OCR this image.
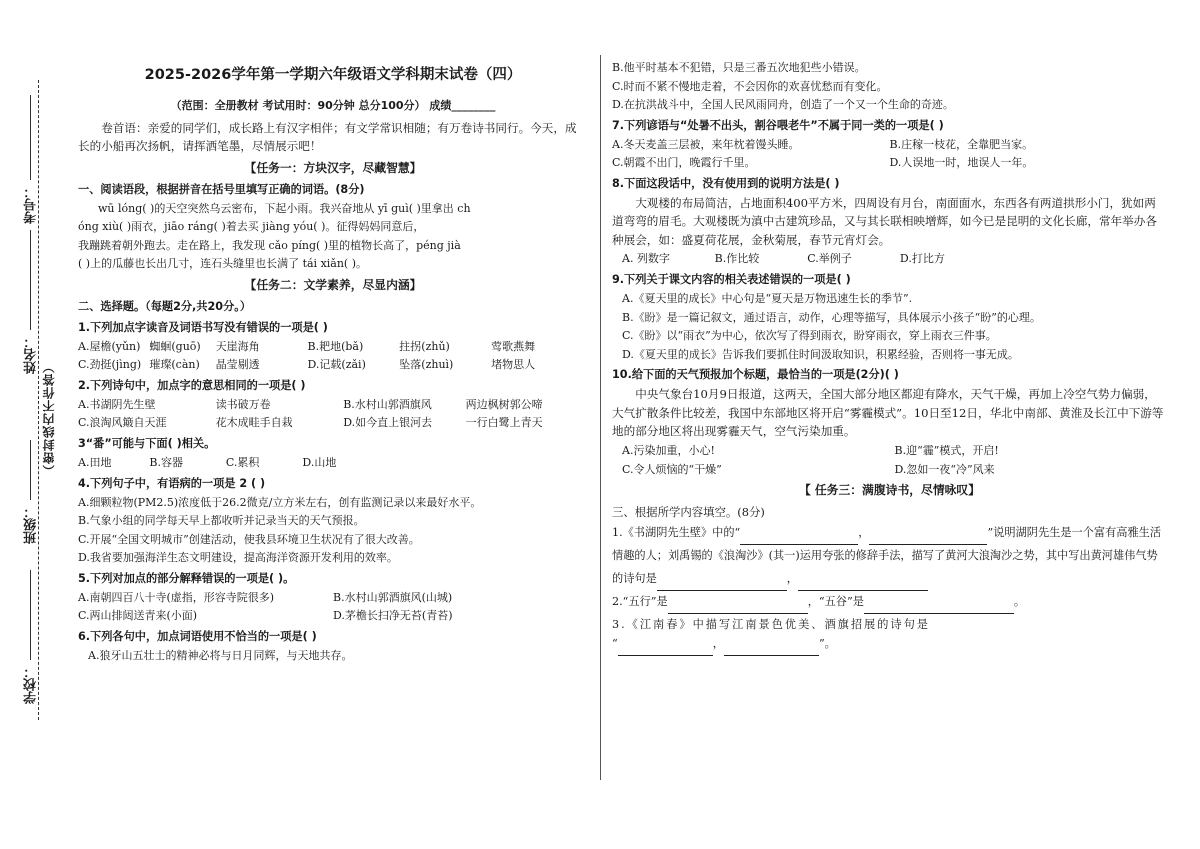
考号：
姓名：
（密封线内不作答）
班级：
学校：
2025-2026学年第一学期六年级语文学科期末试卷（四）
（范围：全册教材 考试用时：90分钟 总分100分） 成绩________

卷首语：亲爱的同学们，成长路上有汉字相伴；有文学常识相随；有万卷诗书同行。今天，成长的小船再次扬帆，请挥洒笔墨，尽情展示吧！

【任务一：方块汉字，尽藏智慧】
一、阅读语段，根据拼音在括号里填写正确的词语。(8分)
wū lóng( )的天空突然乌云密布，下起小雨。我兴奋地从 yī guì( )里拿出 ch
óng xiù( )雨衣，jiāo ráng( )着去买 jiàng yóu( )。征得妈妈同意后，
我蹦跳着朝外跑去。走在路上，我发现 cǎo píng( )里的植物长高了，péng jià
( )上的瓜藤也长出几寸，连石头缝里也长满了 tái xiǎn( )。
【任务二：文学素养，尽显内涵】
二、选择题。（每题2分,共20分。）
1.下列加点字读音及词语书写没有错误的一项是( )
A.屋檐(yǔn) 蜘蛔(guō)	天崖海角	B.耙地(bǎ)	拄拐(zhǔ)	莺歌燕舞
C.劲挺(jìng) 璀璨(càn)	晶莹剔透	D.记载(zǎi)	坠落(zhuì)	堵物思人
2.下列诗句中，加点字的意思相同的一项是( )
A.书湖阴先生壁	读书破万卷	B.水村山郭酒旗风	两边枫树郭公啼
C.浪淘风簸自天涯	花木成畦手自栽	D.如今直上银河去	一行白鹭上青天
3“番”可能与下面( )相关。
A.田地	B.容器	C.累积	D.山地
4.下列句子中，有语病的一项是 2 ( )
A.细颗粒物(PM2.5)浓度低于26.2微克/立方米左右，创有监测记录以来最好水平。
B.气象小组的同学每天早上都收听并记录当天的天气预报。
C.开展“全国文明城市”创建活动，使我县环境卫生状况有了很大改善。
D.我省要加强海洋生态文明建设，提高海洋资源开发利用的效率。
5.下列对加点的部分解释错误的一项是( )。
A.南朝四百八十寺(虚指，形容寺院很多)	B.水村山郭酒旗风(山城)
C.两山排闼送青来(小面)	D.茅檐长扫净无苔(青苔)
6.下列各句中，加点词语使用不恰当的一项是( )
A.狼牙山五壮士的精神必将与日月同辉，与天地共存。
B.他平时基本不犯错，只是三番五次地犯些小错误。
C.时而不紧不慢地走着，不会因你的欢喜忧愁而有变化。
D.在抗洪战斗中，全国人民风雨同舟，创造了一个又一个生命的奇迹。
7.下列谚语与“处暑不出头，割谷喂老牛”不属于同一类的一项是( )
A.冬天麦盖三层被，来年枕着馒头睡。	B.庄稼一枝花，全靠肥当家。
C.朝霞不出门，晚霞行千里。	D.人误地一时，地误人一年。
8.下面这段话中，没有使用到的说明方法是( )

大观楼的布局简洁，占地面积400平方米，四周设有月台，南面面水，东西各有两道拱形小门，犹如两道弯弯的眉毛。大观楼既为滇中古建筑珍品，又与其长联相映增辉，如今已是昆明的文化长廊，常年举办各种展会，如：盛夏荷花展，金秋菊展，春节元宵灯会。

A. 列数字	B.作比较	C.举例子	D.打比方
9.下列关于课文内容的相关表述错误的一项是( )
A.《夏天里的成长》中心句是“夏天是万物迅速生长的季节”.
B.《盼》是一篇记叙文，通过语言，动作，心理等描写，具体展示小孩子“盼”的心理。
C.《盼》以“雨衣”为中心，依次写了得到雨衣，盼穿雨衣，穿上雨衣三件事。
D.《夏天里的成长》告诉我们要抓住时间汲取知识，积累经验，否则将一事无成。
10.给下面的天气预报加个标题，最恰当的一项是(2分)( )

中央气象台10月9日报道，这两天，全国大部分地区都迎有降水，天气干燥，再加上冷空气势力偏弱，大气扩散条件比较差，我国中东部地区将开启“雾霾模式”。10日至12日，华北中南部、黄淮及长江中下游等地的部分地区将出现雾霾天气，空气污染加重。

A.污染加重，小心!	B.迎“霾”模式，开启!
C.令人烦恼的“干燥”	D.忽如一夜“冷”风来
【 任务三：满腹诗书，尽情咏叹】
三、根据所学内容填空。(8分)

1.《书湖阴先生壁》中的“	，	”说明湖阴先生是一个富有高雅生活情趣的人；刘禹锡的《浪淘沙》(其一)运用夸张的修辞手法，描写了黄河大浪淘沙之势，其中写出黄河雄伟气势的诗句是	，

2.“五行”是	，“五谷”是	。

3.《江南春》中描写江南景色优美、酒旗招展的诗句是

“	，	”。
